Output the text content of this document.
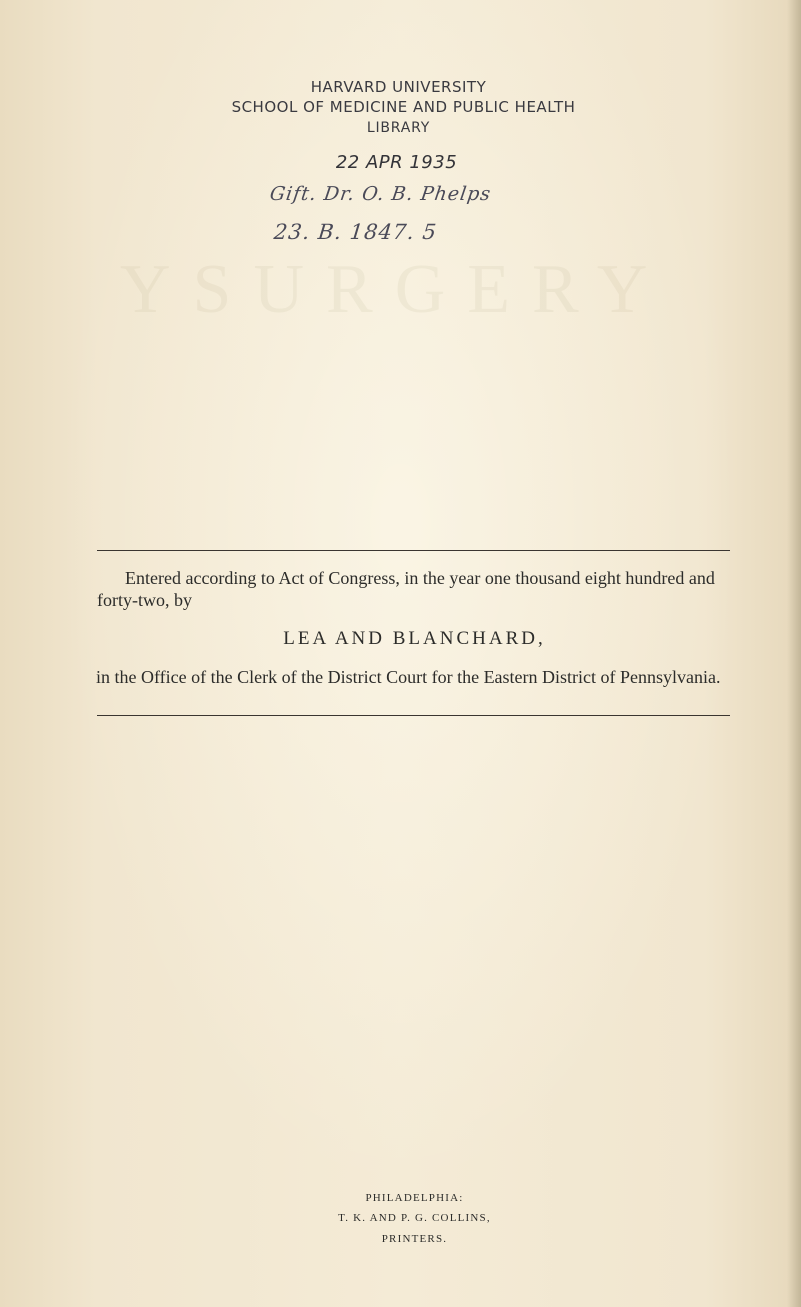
YSURGERY
HARVARD UNIVERSITY
SCHOOL OF MEDICINE AND PUBLIC HEALTH
LIBRARY
22 APR 1935
Gift. Dr. O. B. Phelps
23. B. 1847. 5
Entered according to Act of Congress, in the year one thousand eight hundred and forty-two, by
LEA AND BLANCHARD,
in the Office of the Clerk of the District Court for the Eastern District of Pennsylvania.
PHILADELPHIA:
T. K. AND P. G. COLLINS,
PRINTERS.
